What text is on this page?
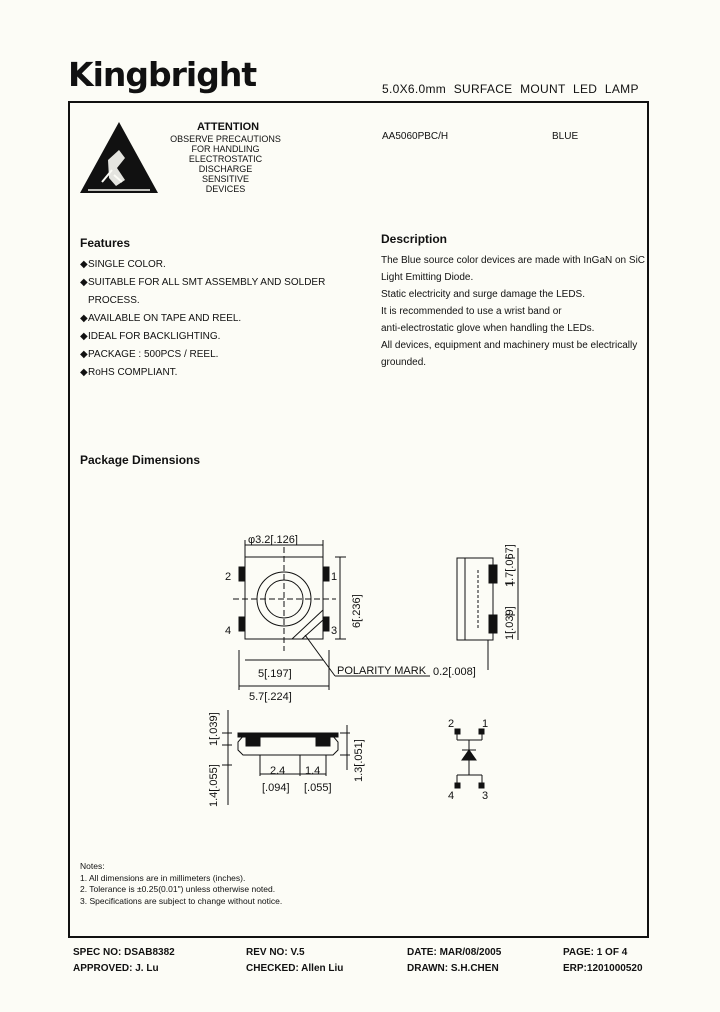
Kingbright	5.0X6.0mm SURFACE MOUNT LED LAMP
ATTENTION
OBSERVE PRECAUTIONS
FOR HANDLING
ELECTROSTATIC
DISCHARGE
SENSITIVE
DEVICES
AA5060PBC/H	BLUE
Features
◆SINGLE COLOR.
◆SUITABLE FOR ALL SMT ASSEMBLY AND SOLDER
PROCESS.
◆AVAILABLE ON TAPE AND REEL.
◆IDEAL FOR BACKLIGHTING.
◆PACKAGE : 500PCS / REEL.
◆RoHS COMPLIANT.
Description
The Blue source color devices are made with InGaN on SiC
Light Emitting Diode.
Static electricity and surge damage the LEDS.
It is recommended to use a wrist band or
anti-electrostatic glove when handling the LEDs.
All devices, equipment and machinery must be electrically
grounded.
Package Dimensions
φ3.2[.126]
6[.236]
5[.197]
5.7[.224]
POLARITY MARK 0.2[.008]
2
4
1
3
1.7[.067]
1[.039]
2.4 1.4
[.094] [.055]
1[.039]
1.4[.055]
1.3[.051]
2	1
4	3
Notes:
1. All dimensions are in millimeters (inches).
2. Tolerance is ±0.25(0.01") unless otherwise noted.
3. Specifications are subject to change without notice.
SPEC NO: DSAB8382	REV NO: V.5	DATE: MAR/08/2005	PAGE: 1 OF 4
APPROVED: J. Lu	CHECKED: Allen Liu	DRAWN: S.H.CHEN	ERP:1201000520
